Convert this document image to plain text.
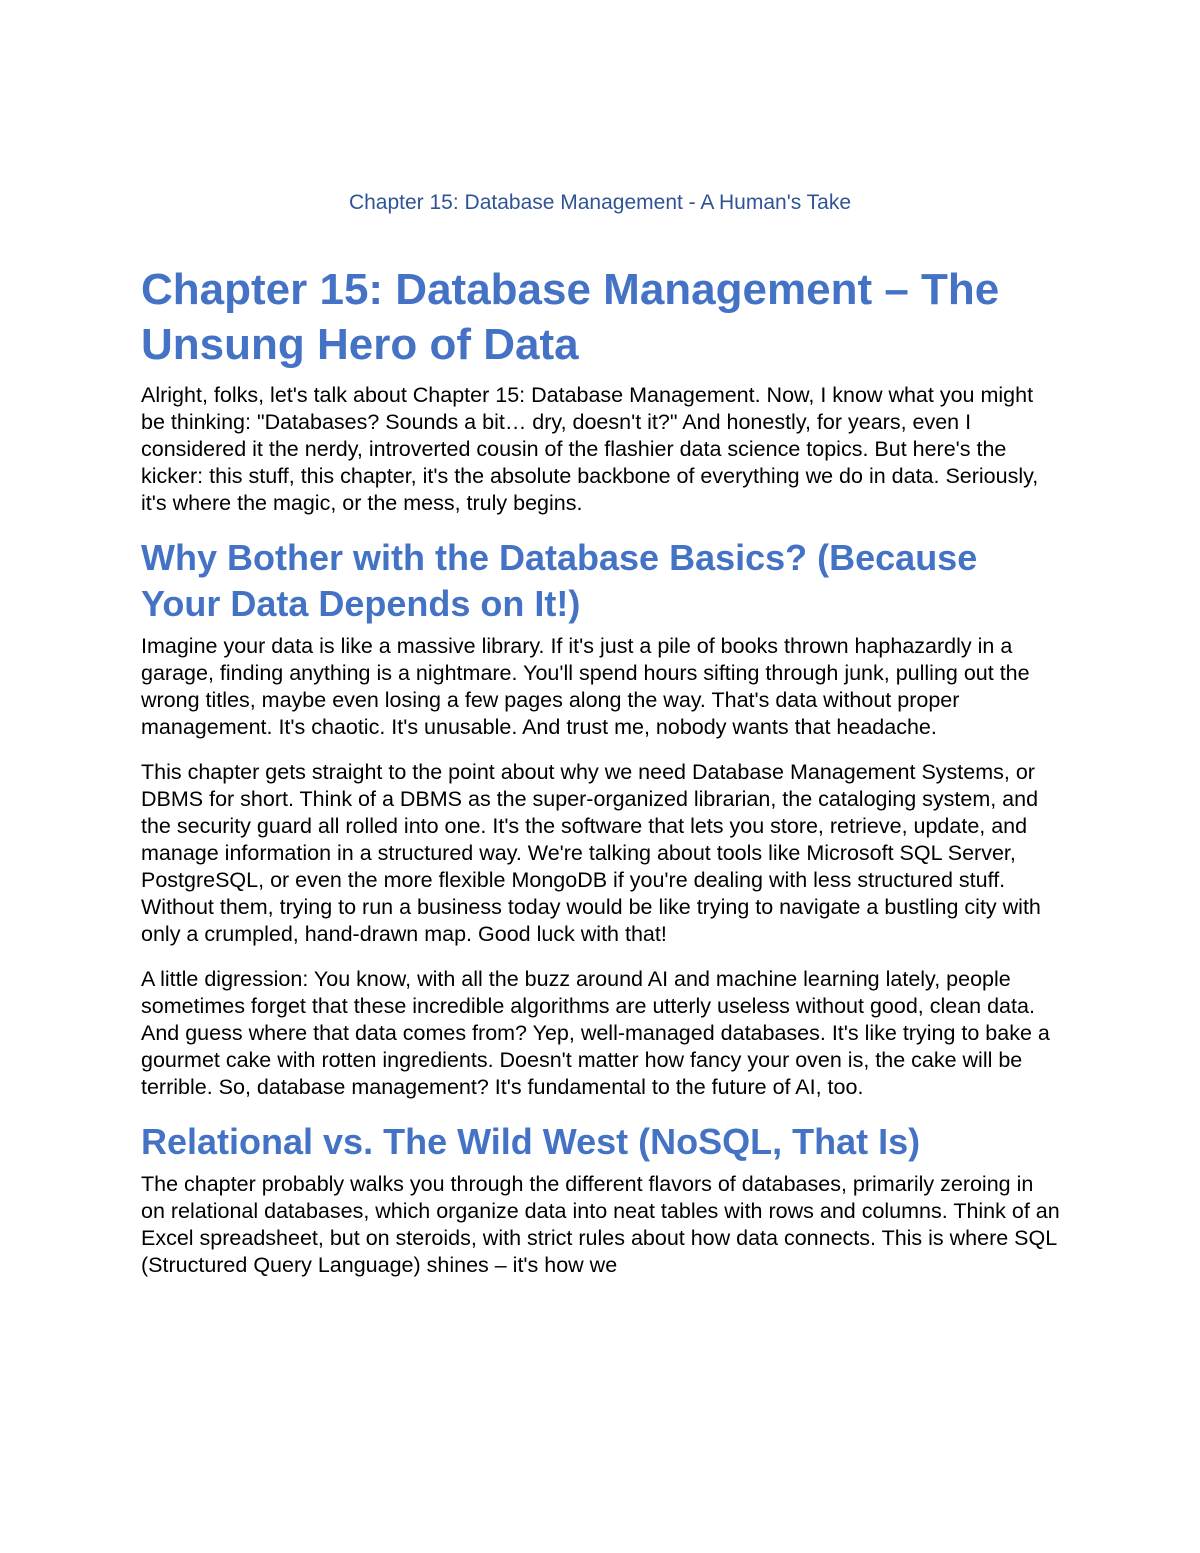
Chapter 15: Database Management - A Human's Take

Chapter 15: Database Management – The Unsung Hero of Data

Alright, folks, let's talk about Chapter 15: Database Management. Now, I know what you might be thinking: "Databases? Sounds a bit… dry, doesn't it?" And honestly, for years, even I considered it the nerdy, introverted cousin of the flashier data science topics. But here's the kicker: this stuff, this chapter, it's the absolute backbone of everything we do in data. Seriously, it's where the magic, or the mess, truly begins.

Why Bother with the Database Basics? (Because Your Data Depends on It!)

Imagine your data is like a massive library. If it's just a pile of books thrown haphazardly in a garage, finding anything is a nightmare. You'll spend hours sifting through junk, pulling out the wrong titles, maybe even losing a few pages along the way. That's data without proper management. It's chaotic. It's unusable. And trust me, nobody wants that headache.

This chapter gets straight to the point about why we need Database Management Systems, or DBMS for short. Think of a DBMS as the super-organized librarian, the cataloging system, and the security guard all rolled into one. It's the software that lets you store, retrieve, update, and manage information in a structured way. We're talking about tools like Microsoft SQL Server, PostgreSQL, or even the more flexible MongoDB if you're dealing with less structured stuff. Without them, trying to run a business today would be like trying to navigate a bustling city with only a crumpled, hand-drawn map. Good luck with that!

A little digression: You know, with all the buzz around AI and machine learning lately, people sometimes forget that these incredible algorithms are utterly useless without good, clean data. And guess where that data comes from? Yep, well-managed databases. It's like trying to bake a gourmet cake with rotten ingredients. Doesn't matter how fancy your oven is, the cake will be terrible. So, database management? It's fundamental to the future of AI, too.

Relational vs. The Wild West (NoSQL, That Is)

The chapter probably walks you through the different flavors of databases, primarily zeroing in on relational databases, which organize data into neat tables with rows and columns. Think of an Excel spreadsheet, but on steroids, with strict rules about how data connects. This is where SQL (Structured Query Language) shines – it's how we
